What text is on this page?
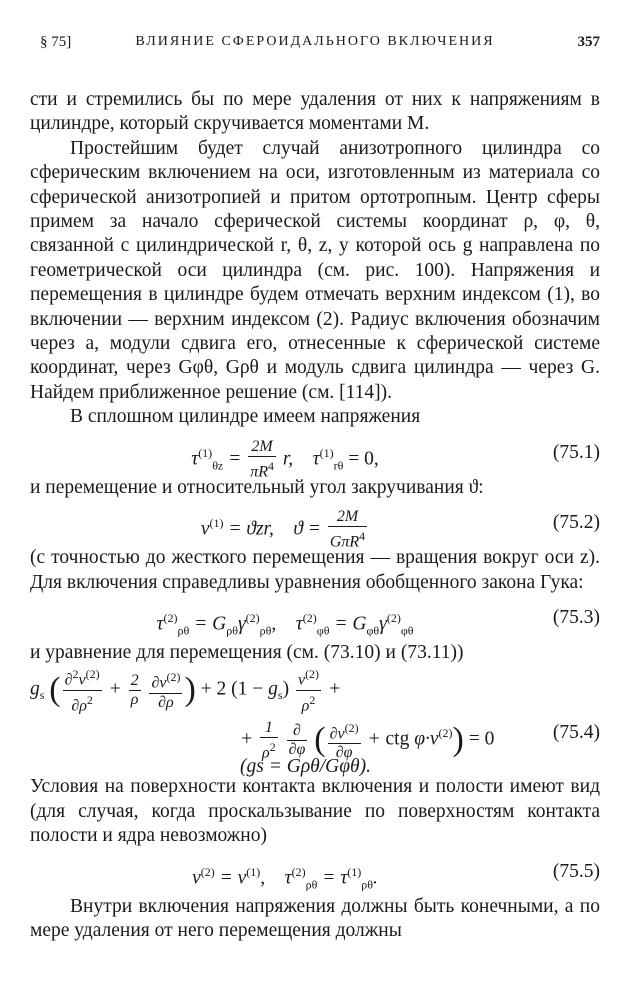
§ 75]	ВЛИЯНИЕ СФЕРОИДАЛЬНОГО ВКЛЮЧЕНИЯ	357

сти и стремились бы по мере удаления от них к напряжениям в цилиндре, который скручивается моментами M.

Простейшим будет случай анизотропного цилиндра со сферическим включением на оси, изготовленным из материала со сферической анизотропией и притом ортотропным. Центр сферы примем за начало сферической системы координат ρ, φ, θ, связанной с цилиндрической r, θ, z, у которой ось g направлена по геометрической оси цилиндра (см. рис. 100). Напряжения и перемещения в цилиндре будем отмечать верхним индексом (1), во включении — верхним индексом (2). Радиус включения обозначим через a, модули сдвига его, отнесенные к сферической системе координат, через Gφθ, Gρθ и модуль сдвига цилиндра — через G. Найдем приближенное решение (см. [114]).

В сплошном цилиндре имеем напряжения

$\tau^{(1)}_{\theta z} = \frac{2M}{\pi R^4} r$,    $\tau^{(1)}_{r\theta} = 0$,	(75.1)

и перемещение и относительный угол закручивания ϑ:

$v^{(1)} = ϑzr$,    $ϑ = \frac{2M}{G\pi R^4}$	(75.2)

(с точностью до жесткого перемещения — вращения вокруг оси z). Для включения справедливы уравнения обобщенного закона Гука:

$\tau^{(2)}_{\rho\theta} = G_{\rho\theta}\gamma^{(2)}_{\rho\theta}$,    $\tau^{(2)}_{\varphi\theta} = G_{\varphi\theta}\gamma^{(2)}_{\varphi\theta}$
(75.3)

и уравнение для перемещения (см. (73.10) и (73.11))

$g_s$ ( $\frac{\partial^2v^{(2)}}{\partial\rho^2} + \frac{2}{\rho}$
$\frac{\partial v^{(2)}}{\partial\rho}$ ) + 2 $(1 - g_s) \frac{v^{(2)}}{\rho^2}$ +
+ $\frac{1}{\rho^2}$
$\frac{\partial}{\partial\varphi}$ ( $\frac{\partial v^{(2)}}{\partial\varphi}$ + ctg $\varphi\cdot v^{(2)}) = 0$	(75.4)
(gs = Gρθ/Gφθ).

Условия на поверхности контакта включения и полости имеют вид (для случая, когда проскальзывание по поверхностям контакта полости и ядра невозможно)

$v^{(2)} = v^{(1)}$,    $\tau^{(2)}_{\rho\theta} = \tau^{(1)}_{\rho\theta}$.	(75.5)

Внутри включения напряжения должны быть конечными, а по мере удаления от него перемещения должны
